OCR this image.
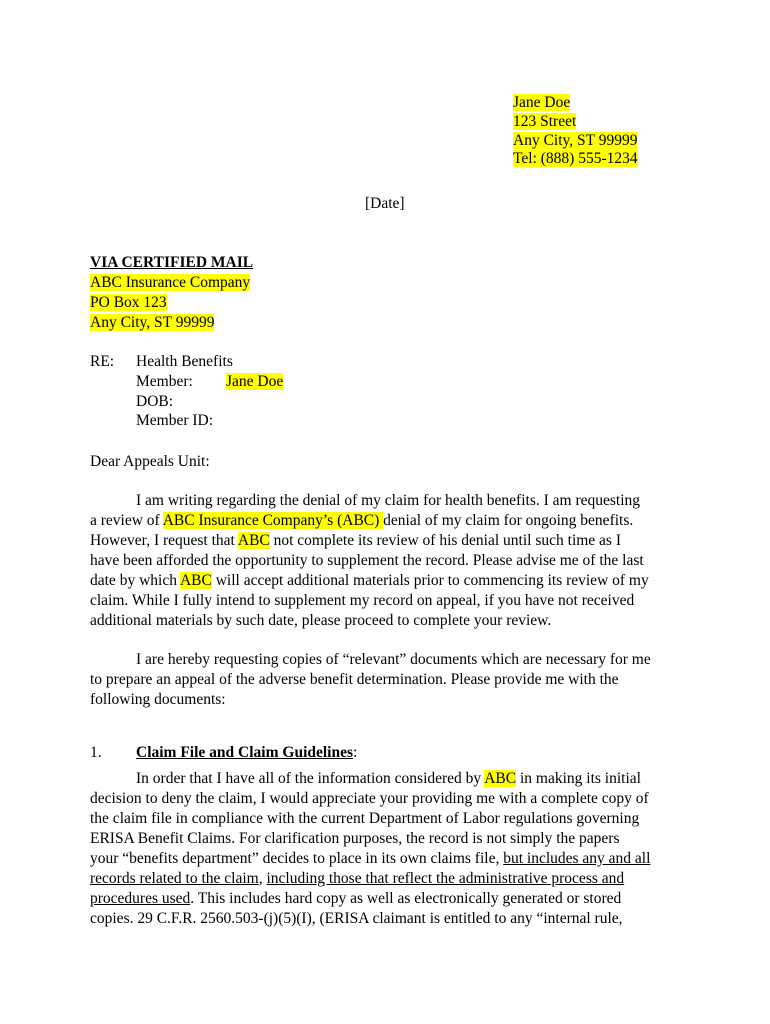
Jane Doe
123 Street
Any City, ST 99999
Tel: (888) 555-1234
[Date]
VIA CERTIFIED MAIL
ABC Insurance Company
PO Box 123
Any City, ST 99999
RE: Health Benefits
Member: Jane Doe
DOB:
Member ID:
Dear Appeals Unit:
I am writing regarding the denial of my claim for health benefits. I am requesting
a review of ABC Insurance Company’s (ABC) denial of my claim for ongoing benefits.
However, I request that ABC not complete its review of his denial until such time as I
have been afforded the opportunity to supplement the record. Please advise me of the last
date by which ABC will accept additional materials prior to commencing its review of my
claim. While I fully intend to supplement my record on appeal, if you have not received
additional materials by such date, please proceed to complete your review.
I are hereby requesting copies of “relevant” documents which are necessary for me
to prepare an appeal of the adverse benefit determination. Please provide me with the
following documents:
1. Claim File and Claim Guidelines:
In order that I have all of the information considered by ABC in making its initial
decision to deny the claim, I would appreciate your providing me with a complete copy of
the claim file in compliance with the current Department of Labor regulations governing
ERISA Benefit Claims. For clarification purposes, the record is not simply the papers
your “benefits department” decides to place in its own claims file, but includes any and all
records related to the claim, including those that reflect the administrative process and
procedures used. This includes hard copy as well as electronically generated or stored
copies. 29 C.F.R. 2560.503-(j)(5)(I), (ERISA claimant is entitled to any “internal rule,
